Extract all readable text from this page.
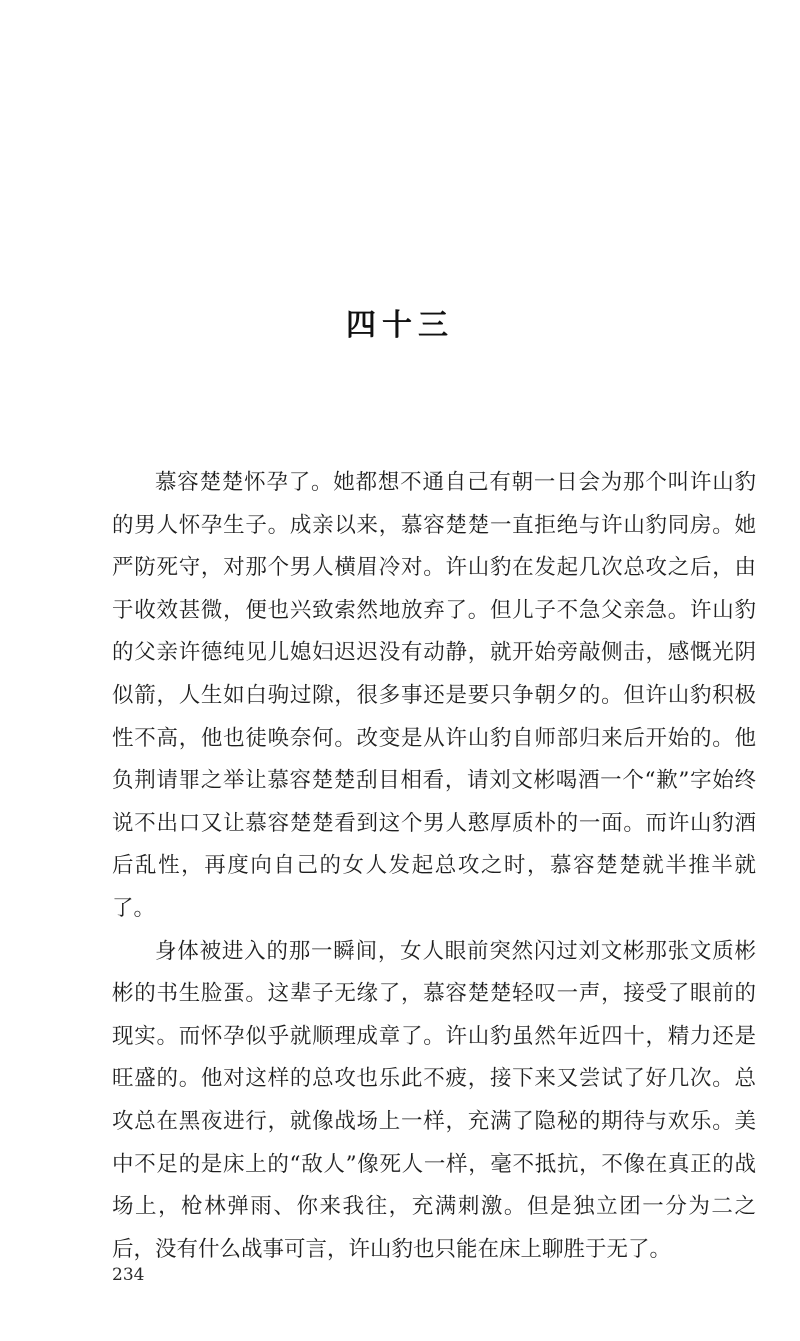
四十三

慕容楚楚怀孕了。她都想不通自己有朝一日会为那个叫许山豹的男人怀孕生子。成亲以来，慕容楚楚一直拒绝与许山豹同房。她严防死守，对那个男人横眉冷对。许山豹在发起几次总攻之后，由于收效甚微，便也兴致索然地放弃了。但儿子不急父亲急。许山豹的父亲许德纯见儿媳妇迟迟没有动静，就开始旁敲侧击，感慨光阴似箭，人生如白驹过隙，很多事还是要只争朝夕的。但许山豹积极性不高，他也徒唤奈何。改变是从许山豹自师部归来后开始的。他负荆请罪之举让慕容楚楚刮目相看，请刘文彬喝酒一个“歉”字始终说不出口又让慕容楚楚看到这个男人憨厚质朴的一面。而许山豹酒后乱性，再度向自己的女人发起总攻之时，慕容楚楚就半推半就了。

身体被进入的那一瞬间，女人眼前突然闪过刘文彬那张文质彬彬的书生脸蛋。这辈子无缘了，慕容楚楚轻叹一声，接受了眼前的现实。而怀孕似乎就顺理成章了。许山豹虽然年近四十，精力还是旺盛的。他对这样的总攻也乐此不疲，接下来又尝试了好几次。总攻总在黑夜进行，就像战场上一样，充满了隐秘的期待与欢乐。美中不足的是床上的“敌人”像死人一样，毫不抵抗，不像在真正的战场上，枪林弹雨、你来我往，充满刺激。但是独立团一分为二之后，没有什么战事可言，许山豹也只能在床上聊胜于无了。

234
